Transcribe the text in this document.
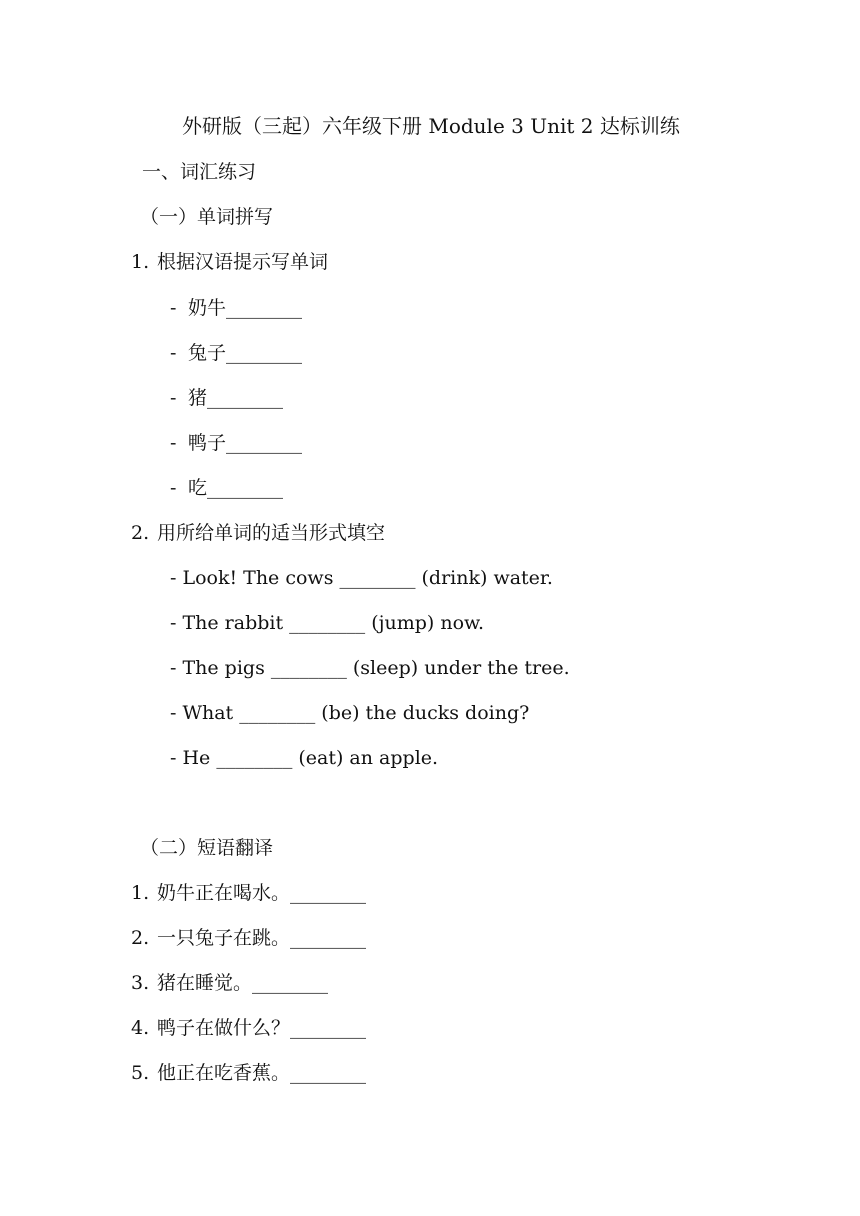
外研版（三起）六年级下册 Module 3 Unit 2 达标训练
一、词汇练习
（一）单词拼写
1. 根据汉语提示写单词
- 奶牛________
- 兔子________
- 猪________
- 鸭子________
- 吃________
2. 用所给单词的适当形式填空
- Look! The cows ________ (drink) water.
- The rabbit ________ (jump) now.
- The pigs ________ (sleep) under the tree.
- What ________ (be) the ducks doing?
- He ________ (eat) an apple.
（二）短语翻译
1. 奶牛正在喝水。________
2. 一只兔子在跳。________
3. 猪在睡觉。________
4. 鸭子在做什么？________
5. 他正在吃香蕉。________
